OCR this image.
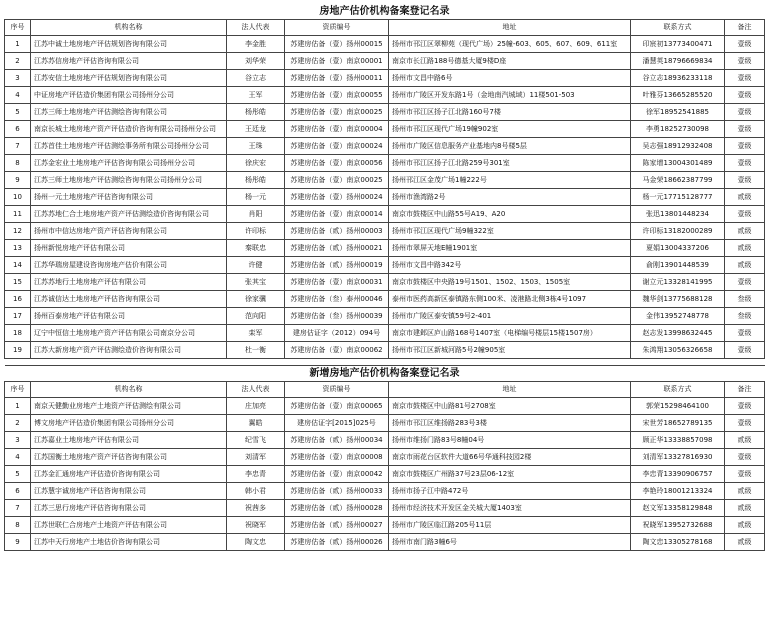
房地产估价机构备案登记名录						
序号	机构名称	法人代表	资质编号	地址	联系方式	备注
1	江苏中诚土地房地产评估规划咨询有限公司	李金胜	苏建房估备（壹）扬州00015	扬州市邗江区翠柳苑（现代广场）25幢-603、605、607、609、611室	印宸初13773400471	壹级
2	江苏苏信房地产评估咨询有限公司	刘华荣	苏建房估备（壹）南京00001	南京市长江路188号德基大厦9楼D座	潘慧英18796669834	壹级
3	江苏安信土地房地产评估规划咨询有限公司	谷立志	苏建房估备（壹）扬州00011	扬州市文昌中路6号	谷立志18936233118	壹级
4	中证房地产评估造价集团有限公司扬州分公司	王军	苏建房估备（壹）南京00055	扬州市广陵区开发东路1号（金地南汽城域）11楼501-503	叶雅芬13665285520	壹级
5	江苏三师土地房地产评估测绘咨询有限公司	杨彤皓	苏建房估备（壹）南京00025	扬州市邗江区扬子江北路160号7楼	徐军18952541885	壹级
6	南京长城土地房地产资产评估造价咨询有限公司扬州分公司	王廷龙	苏建房估备（壹）南京00004	扬州市邗江区现代广场19幢902室	李勇18252730098	壹级
7	江苏首佳土地房地产评估测绘事务所有限公司扬州分公司	王珠	苏建房估备（壹）南京00024	扬州市广陵区信息服务产业基地内8号楼5层	吴志强18912932408	壹级
8	江苏金宏业土地房地产评估咨询有限公司扬州分公司	徐庆宏	苏建房估备（壹）南京00056	扬州市邗江区扬子江北路259号301室	陈家增13004301489	壹级
9	江苏三师土地房地产评估测绘咨询有限公司扬州分公司	杨彤皓	苏建房估备（壹）南京00025	扬州邗江区金茂广场1幢222号	马金荣18662387799	壹级
10	扬州一元土地房地产评估咨询有限公司	杨一元	苏建房估备（壹）扬州00024	扬州市渔湾路2号	杨一元17715128777	贰级
11	江苏苏地仁合土地房地产资产评估测绘造价咨询有限公司	肖阳	苏建房估备（壹）南京00014	南京市鼓楼区中山路55号A19、A20	张迅13801448234	壹级
12	扬州市中信达房地产资产评估咨询有限公司	许印标	苏建房估备（贰）扬州00003	扬州市邗江区现代广场9幢322室	许印标13182000289	贰级
13	扬州新悦房地产评估有限公司	秦联忠	苏建房估备（贰）扬州00021	扬州市翠屏天地E幢1901室	夏娟13004337206	贰级
14	江苏华瑞房屋建设咨询房地产估价有限公司	许健	苏建房估备（贰）扬州00019	扬州市文昌中路342号	俞刚13901448539	贰级
15	江苏苏地行土地房地产评估有限公司	张其宝	苏建房估备（壹）南京00031	南京市鼓楼区中央路19号1501、1502、1503、1505室	谢立元13328141995	壹级
16	江苏诚信达土地房地产评估咨询有限公司	徐家骥	苏建房估备（叁）泰州00046	泰州市医药高新区泰镇路东侧100米、凌港路北侧3栋4号1097	魏华剑13775688128	叁级
17	扬州百泰房地产评估有限公司	范向阳	苏建房估备（叁）扬州00039	扬州市广陵区泰安镇59号2-401	金伟13952748778	叁级
18	辽宁中恒信土地房地产资产评估有限公司南京分公司	栾军	建房估证字（2012）094号	南京市建邺区庐山路168号1407室（电梯编号楼层15楼1507房）	赵志发13998632445	壹级
19	江苏大新房地产资产评估测绘造价咨询有限公司	杜一衡	苏建房估备（壹）南京00062	扬州市邗江区新城河路5号2幢905室	朱鸿翔13056326658	壹级

新增房地产估价机构备案登记名录						
序号	机构名称	法人代表	资质编号	地址	联系方式	备注
1	南京天健勤业房地产土地资产评估测绘有限公司	庄加亮	苏建房估备（壹）南京00065	南京市鼓楼区中山路81号2708室	郭荣15298464100	壹级
2	博文房地产评估造价集团有限公司扬州分公司	翼皓	建房估证字[2015]025号	扬州市邗江区维扬路283号3楼	宋世芳18652789135	壹级
3	江苏嘉业土地房地产评估有限公司	纪雪飞	苏建房估备（贰）扬州00034	扬州市维扬门路83号8幢04号	顾正华13338857098	贰级
4	江苏国衡土地房地产资产评估咨询有限公司	刘清军	苏建房估备（壹）南京00008	南京市雨花台区软件大道66号华通科技园2楼	刘清军13327816930	壹级
5	江苏金汇通房地产评估造价咨询有限公司	李忠青	苏建房估备（壹）南京00042	南京市鼓楼区广州路37号23层06-12室	李忠青13390906757	壹级
6	江苏慧宇诚房地产评估咨询有限公司	韩小君	苏建房估备（贰）扬州00033	扬州市扬子江中路472号	李艳玲18001213324	贰级
7	江苏三思行房地产评估咨询有限公司	祝茜多	苏建房估备（贰）扬州00028	扬州市经济技术开发区金关城大厦1403室	赵文军13358129848	贰级
8	江苏世联仁合房地产土地资产评估有限公司	祝晓军	苏建房估备（贰）扬州00027	扬州市广陵区临江路205号11层	祝晓军13952732688	贰级
9	江苏中天行房地产土地估价咨询有限公司	陶文忠	苏建房估备（贰）扬州00026	扬州市南门路3幢6号	陶文忠13305278168	贰级
